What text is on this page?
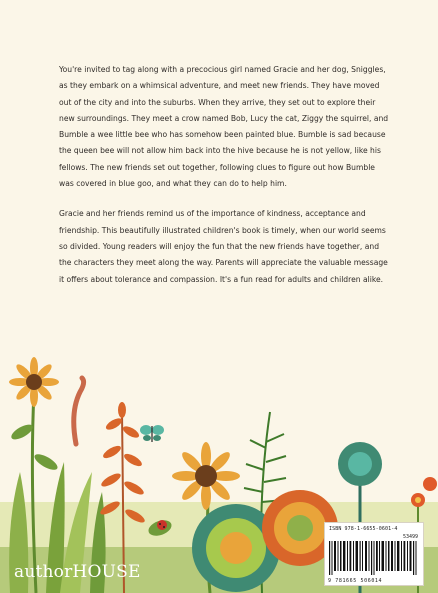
You're invited to tag along with a precocious girl named Gracie and her dog, Sniggles, as they embark on a whimsical adventure, and meet new friends. They have moved out of the city and into the suburbs. When they arrive, they set out to explore their new surroundings. They meet a crow named Bob, Lucy the cat, Ziggy the squirrel, and Bumble a wee little bee who has somehow been painted blue. Bumble is sad because the queen bee will not allow him back into the hive because he is not yellow, like his fellows. The new friends set out together, following clues to figure out how Bumble was covered in blue goo, and what they can do to help him.

Gracie and her friends remind us of the importance of kindness, acceptance and friendship. This beautifully illustrated children's book is timely, when our world seems so divided. Young readers will enjoy the fun that the new friends have together, and the characters they meet along the way. Parents will appreciate the valuable message it offers about tolerance and compassion. It's a fun read for adults and children alike.

ISBN 978-1-6655-0601-4
53499
9 781665 506014
authorHOUSE
